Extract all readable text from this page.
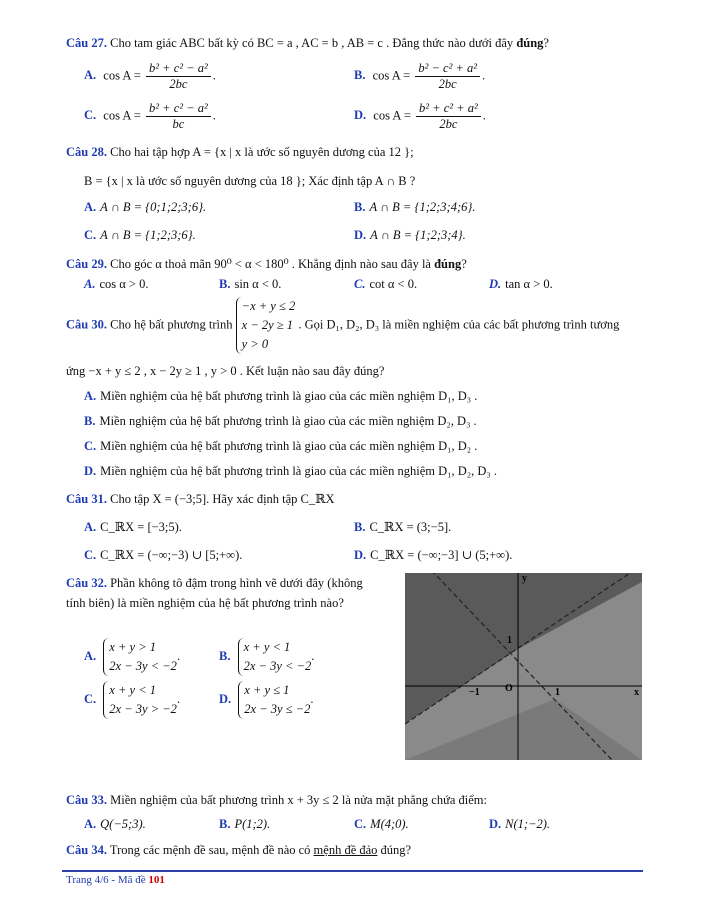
Câu 27. Cho tam giác ABC bất kỳ có BC = a , AC = b , AB = c . Đẳng thức nào dưới đây đúng?
A. $\cos A = \frac{\text{b² + c² − a²}}{2bc}$ .	B. $\cos A = \frac{\text{b² − c² + a²}}{2bc}$ .
C. $\cos A = \frac{\text{b² + c² − a²}}{bc}$ .	D. $\cos A = \frac{\text{b² + c² + a²}}{2bc}$ .
Câu 28. Cho hai tập hợp A = {x | x là ước số nguyên dương của 12 };
B = {x | x là ước số nguyên dương của 18 }; Xác định tập A ∩ B ?
A. A ∩ B = {0;1;2;3;6}.	B. A ∩ B = {1;2;3;4;6}.
C. A ∩ B = {1;2;3;6}.	D. A ∩ B = {1;2;3;4}.
Câu 29. Cho góc α thoả mãn 90⁰ < α < 180⁰ . Khẳng định nào sau đây là đúng?
A. cos α > 0.	B. sin α < 0.	C. cot α < 0.	D. tan α > 0.
Câu 30. Cho hệ bất phương trình
−x + y ≤ 2
x − 2y ≥ 1
y > 0
. Gọi D₁, D₂, D₃ là miền nghiệm của các bất phương trình tương
ứng −x + y ≤ 2 , x − 2y ≥ 1 , y > 0 . Kết luận nào sau đây đúng?
A. Miền nghiệm của hệ bất phương trình là giao của các miền nghiệm D₁, D₃ .
B. Miền nghiệm của hệ bất phương trình là giao của các miền nghiệm D₂, D₃ .
C. Miền nghiệm của hệ bất phương trình là giao của các miền nghiệm D₁, D₂ .
D. Miền nghiệm của hệ bất phương trình là giao của các miền nghiệm D₁, D₂, D₃ .
Câu 31. Cho tập X = (−3;5]. Hãy xác định tập C_ℝX
A. C_ℝX = [−3;5).	B. C_ℝX = (3;−5].
C. C_ℝX = (−∞;−3) ∪ [5;+∞).	D. C_ℝX = (−∞;−3] ∪ (5;+∞).
Câu 32. Phần không tô đậm trong hình vẽ dưới đây (không
tính biên) là miền nghiệm của hệ bất phương trình nào?
A.
x + y > 1
2x − 3y < −2
.	B.
x + y < 1
2x − 3y < −2
.
C.
x + y < 1
2x − 3y > −2
.	D.
x + y ≤ 1
2x − 3y ≤ −2
.
y
x
O
−1	1
1
Câu 33. Miền nghiệm của bất phương trình x + 3y ≤ 2 là nửa mặt phẳng chứa điểm:
A. Q(−5;3).	B. P(1;2).	C. M(4;0).	D. N(1;−2).
Câu 34. Trong các mệnh đề sau, mệnh đề nào có mệnh đề đảo đúng?
Trang 4/6 - Mã đề 101
